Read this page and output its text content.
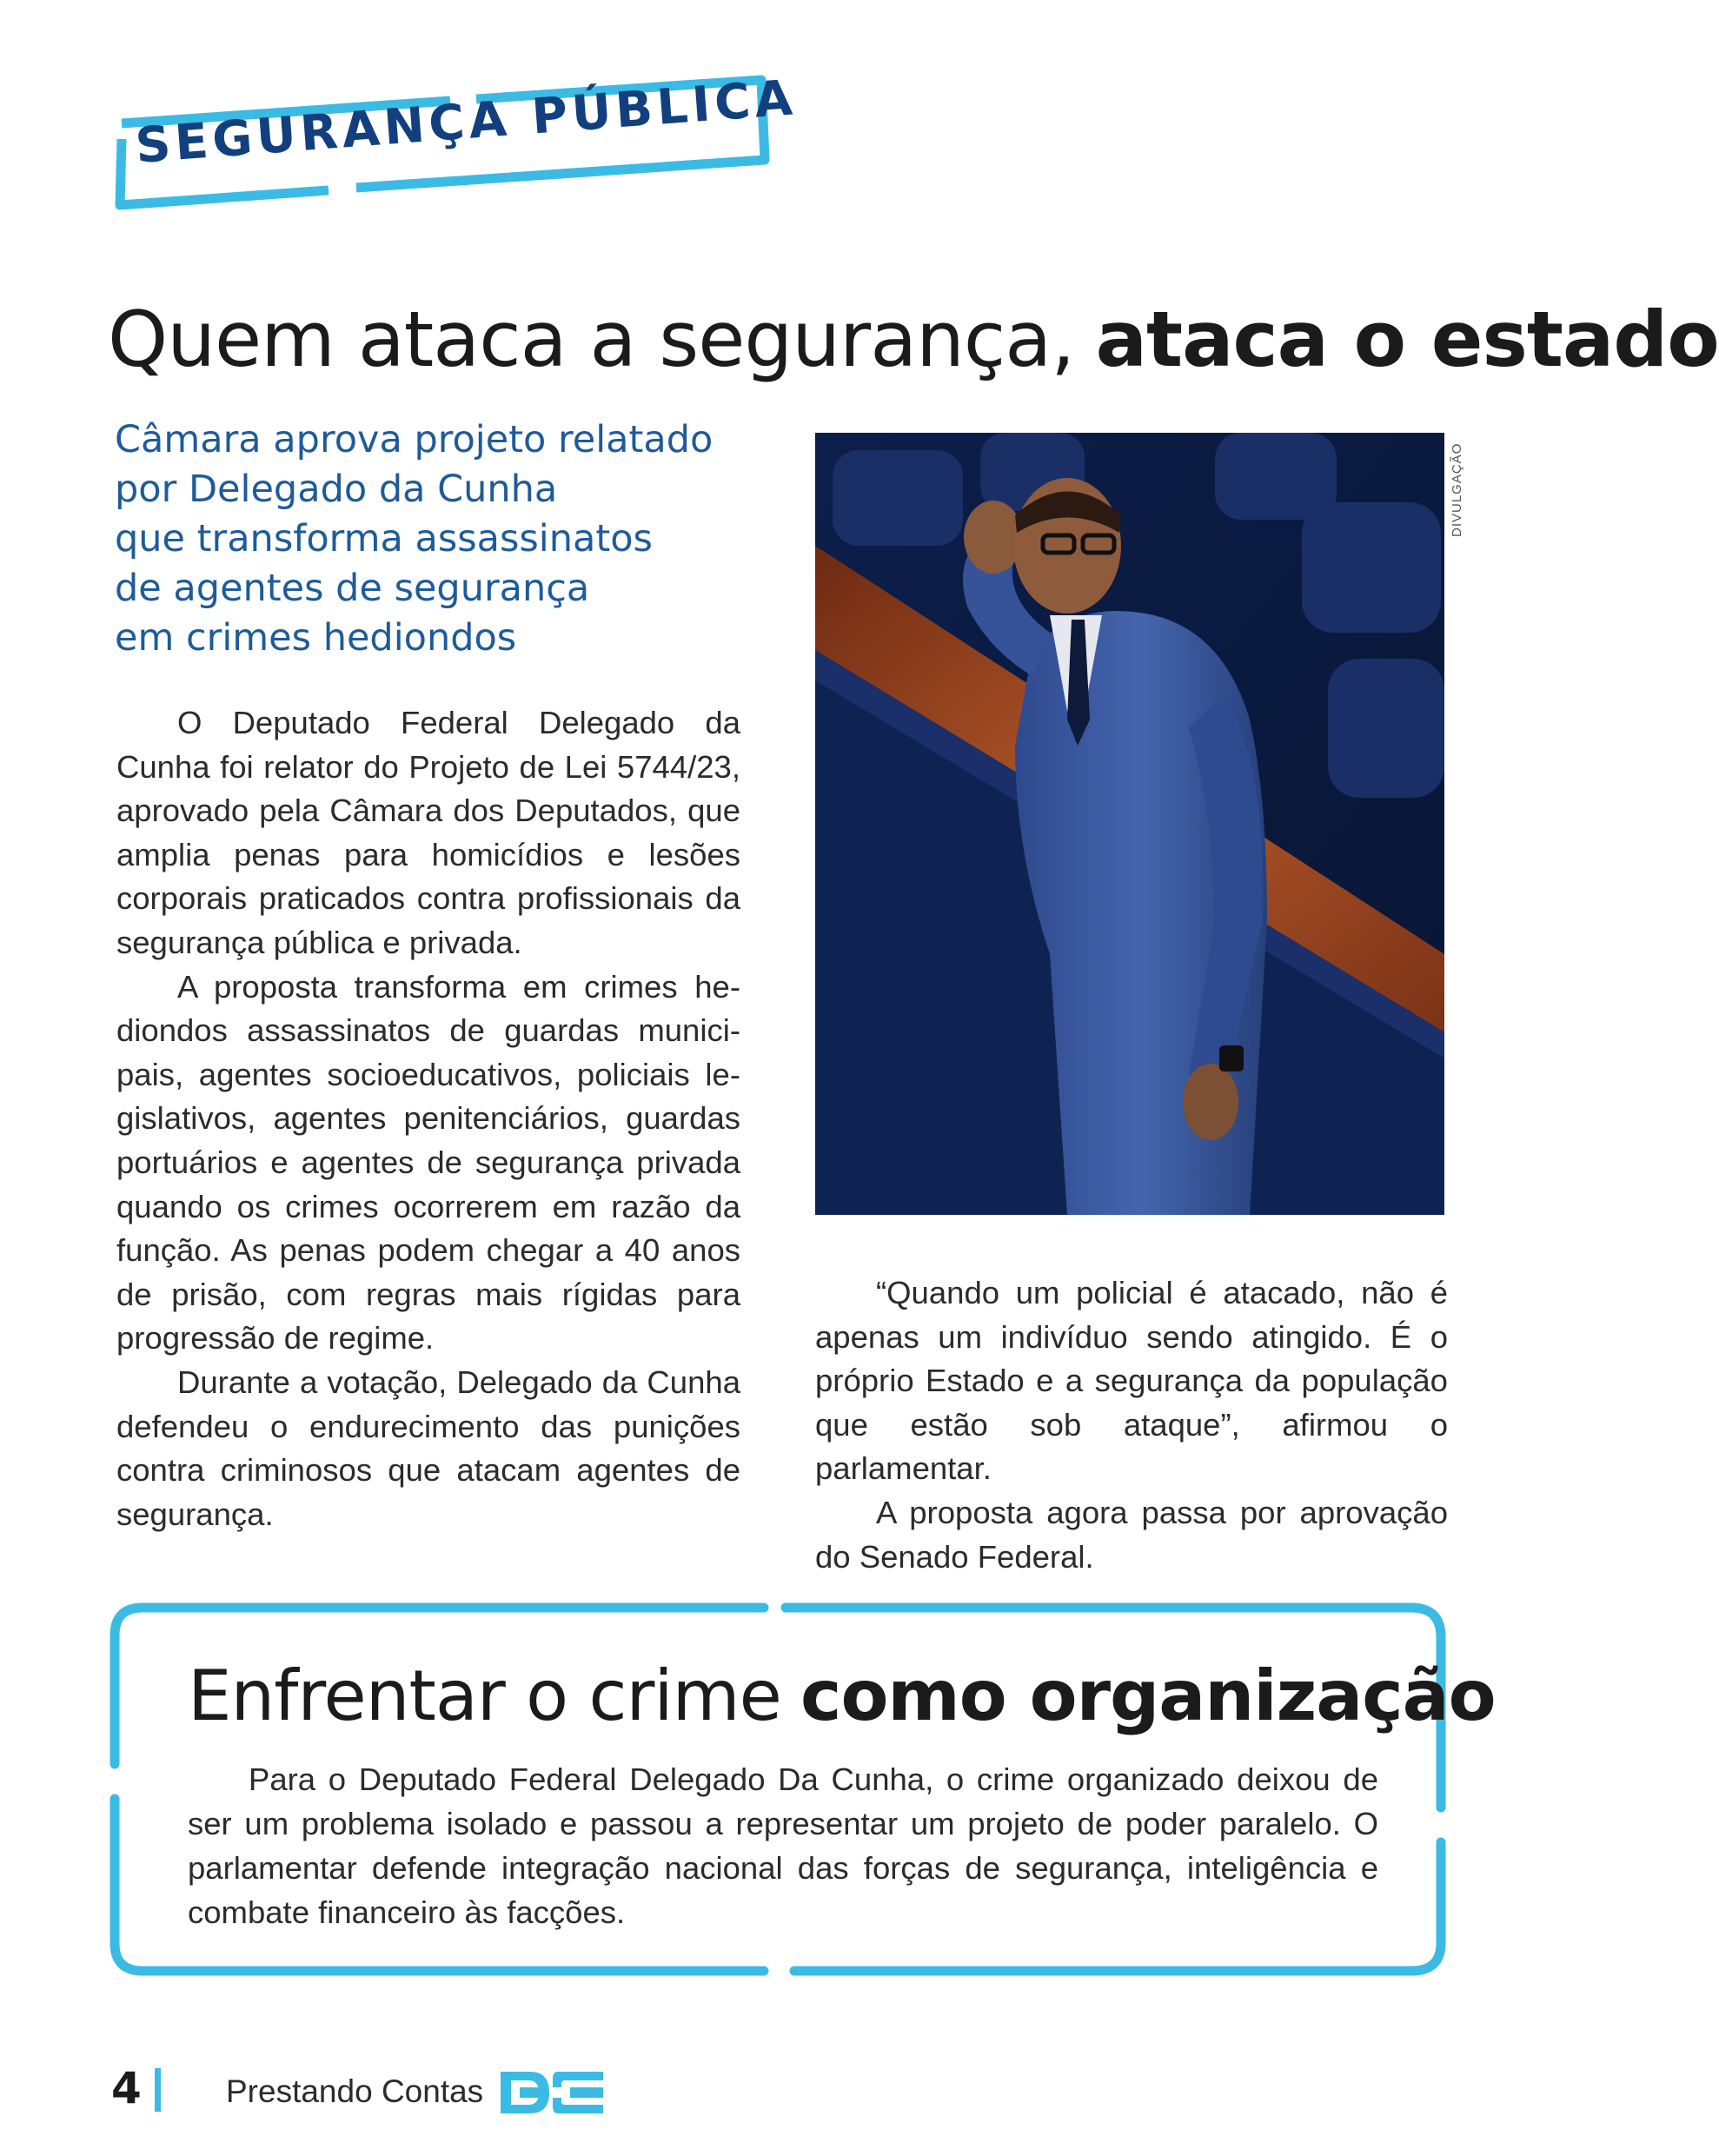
SEGURANÇA PÚBLICA
Quem ataca a segurança, ataca o estado
Câmara aprova projeto relatado
por Delegado da Cunha
que transforma assassinatos
de agentes de segurança
em crimes hediondos

O Deputado Federal Delegado da Cunha foi relator do Projeto de Lei 5744/23, aprovado pela Câmara dos Deputados, que amplia penas para homicídios e lesões corporais praticados contra profissionais da segurança pública e privada.

A proposta transforma em crimes hediondos assassinatos de guardas municipais, agentes socioeducativos, policiais legislativos, agentes penitenciários, guardas portuários e agentes de segurança privada quando os crimes ocorrerem em razão da função. As penas podem chegar a 40 anos de prisão, com regras mais rígidas para progressão de regime.

Durante a votação, Delegado da Cunha defendeu o endurecimento das punições contra criminosos que atacam agentes de segurança.

DIVULGAÇÃO

“Quando um policial é atacado, não é apenas um indivíduo sendo atingido. É o próprio Estado e a segurança da população que estão sob ataque”, afirmou o parlamentar.

A proposta agora passa por aprovação do Senado Federal.

Enfrentar o crime como organização

Para o Deputado Federal Delegado Da Cunha, o crime organizado deixou de ser um problema isolado e passou a representar um projeto de poder paralelo. O parlamentar defende integração nacional das forças de segurança, inteligência e combate financeiro às facções.

4	Prestando Contas
